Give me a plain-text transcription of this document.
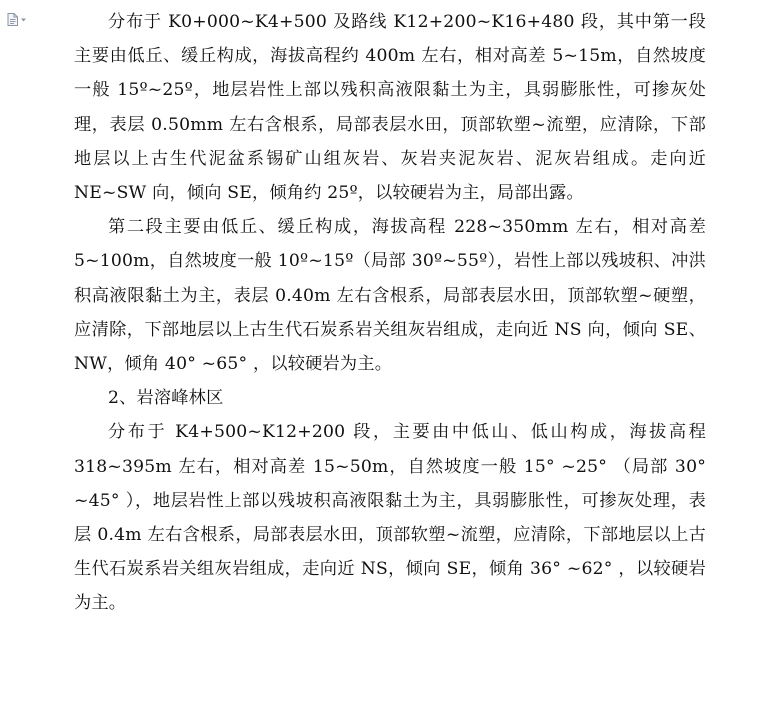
分布于 K0+000~K4+500 及路线 K12+200~K16+480 段，其中第一段主要由低丘、缓丘构成，海拔高程约 400m 左右，相对高差 5~15m，自然坡度一般 15º~25º，地层岩性上部以残积高液限黏土为主，具弱膨胀性，可掺灰处理，表层 0.50mm 左右含根系，局部表层水田，顶部软塑~流塑，应清除，下部地层以上古生代泥盆系锡矿山组灰岩、灰岩夹泥灰岩、泥灰岩组成。走向近 NE~SW 向，倾向 SE，倾角约 25º，以较硬岩为主，局部出露。

第二段主要由低丘、缓丘构成，海拔高程 228~350mm 左右，相对高差 5~100m，自然坡度一般 10º~15º（局部 30º~55º），岩性上部以残坡积、冲洪积高液限黏土为主，表层 0.40m 左右含根系，局部表层水田，顶部软塑~硬塑，应清除，下部地层以上古生代石炭系岩关组灰岩组成，走向近 NS 向，倾向 SE、NW，倾角 40° ~65° ，以较硬岩为主。

2、岩溶峰林区

分布于 K4+500~K12+200 段，主要由中低山、低山构成，海拔高程 318~395m 左右，相对高差 15~50m，自然坡度一般 15° ~25° （局部 30° ~45° ），地层岩性上部以残坡积高液限黏土为主，具弱膨胀性，可掺灰处理，表层 0.4m 左右含根系，局部表层水田，顶部软塑~流塑，应清除，下部地层以上古生代石炭系岩关组灰岩组成，走向近 NS，倾向 SE，倾角 36° ~62° ，以较硬岩为主。
